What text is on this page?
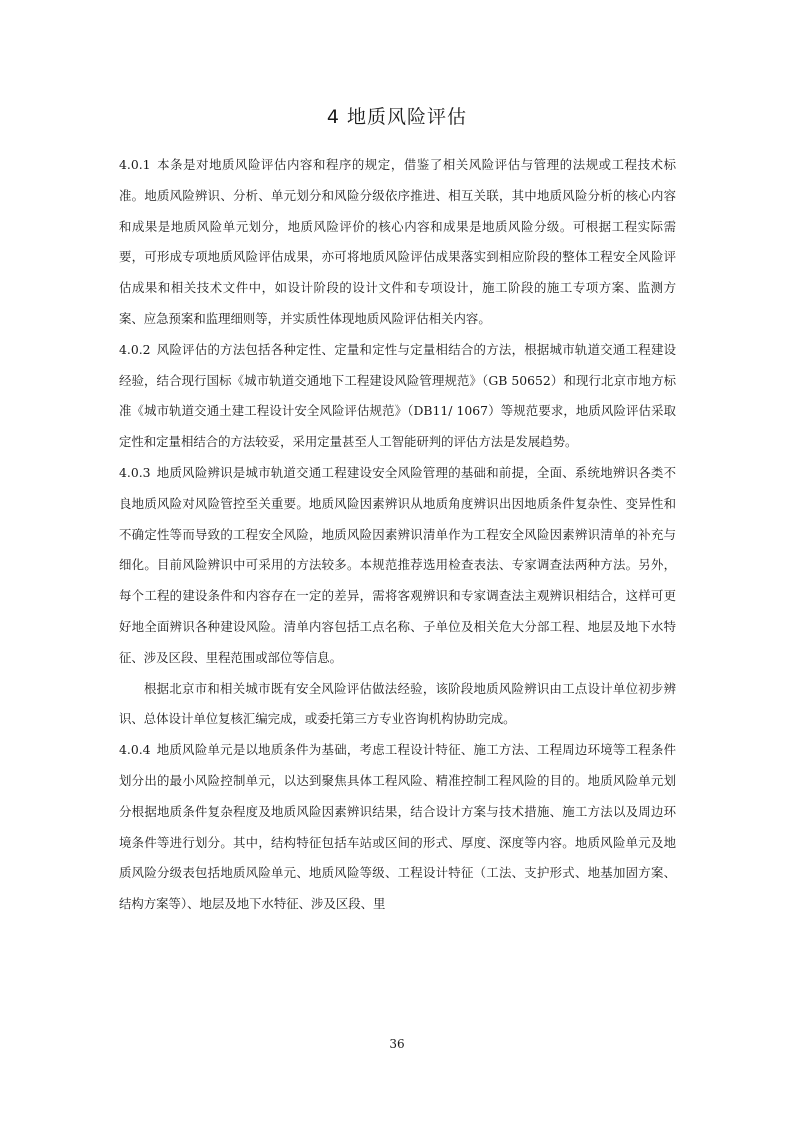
4 地质风险评估

4.0.1 本条是对地质风险评估内容和程序的规定，借鉴了相关风险评估与管理的法规或工程技术标准。地质风险辨识、分析、单元划分和风险分级依序推进、相互关联，其中地质风险分析的核心内容和成果是地质风险单元划分，地质风险评价的核心内容和成果是地质风险分级。可根据工程实际需要，可形成专项地质风险评估成果，亦可将地质风险评估成果落实到相应阶段的整体工程安全风险评估成果和相关技术文件中，如设计阶段的设计文件和专项设计，施工阶段的施工专项方案、监测方案、应急预案和监理细则等，并实质性体现地质风险评估相关内容。

4.0.2 风险评估的方法包括各种定性、定量和定性与定量相结合的方法，根据城市轨道交通工程建设经验，结合现行国标《城市轨道交通地下工程建设风险管理规范》（GB 50652）和现行北京市地方标准《城市轨道交通土建工程设计安全风险评估规范》（DB11/ 1067）等规范要求，地质风险评估采取定性和定量相结合的方法较妥，采用定量甚至人工智能研判的评估方法是发展趋势。

4.0.3 地质风险辨识是城市轨道交通工程建设安全风险管理的基础和前提，全面、系统地辨识各类不良地质风险对风险管控至关重要。地质风险因素辨识从地质角度辨识出因地质条件复杂性、变异性和不确定性等而导致的工程安全风险，地质风险因素辨识清单作为工程安全风险因素辨识清单的补充与细化。目前风险辨识中可采用的方法较多。本规范推荐选用检查表法、专家调查法两种方法。另外，每个工程的建设条件和内容存在一定的差异，需将客观辨识和专家调查法主观辨识相结合，这样可更好地全面辨识各种建设风险。清单内容包括工点名称、子单位及相关危大分部工程、地层及地下水特征、涉及区段、里程范围或部位等信息。

根据北京市和相关城市既有安全风险评估做法经验，该阶段地质风险辨识由工点设计单位初步辨识、总体设计单位复核汇编完成，或委托第三方专业咨询机构协助完成。

4.0.4 地质风险单元是以地质条件为基础，考虑工程设计特征、施工方法、工程周边环境等工程条件划分出的最小风险控制单元，以达到聚焦具体工程风险、精准控制工程风险的目的。地质风险单元划分根据地质条件复杂程度及地质风险因素辨识结果，结合设计方案与技术措施、施工方法以及周边环境条件等进行划分。其中，结构特征包括车站或区间的形式、厚度、深度等内容。地质风险单元及地质风险分级表包括地质风险单元、地质风险等级、工程设计特征（工法、支护形式、地基加固方案、结构方案等）、地层及地下水特征、涉及区段、里

36
